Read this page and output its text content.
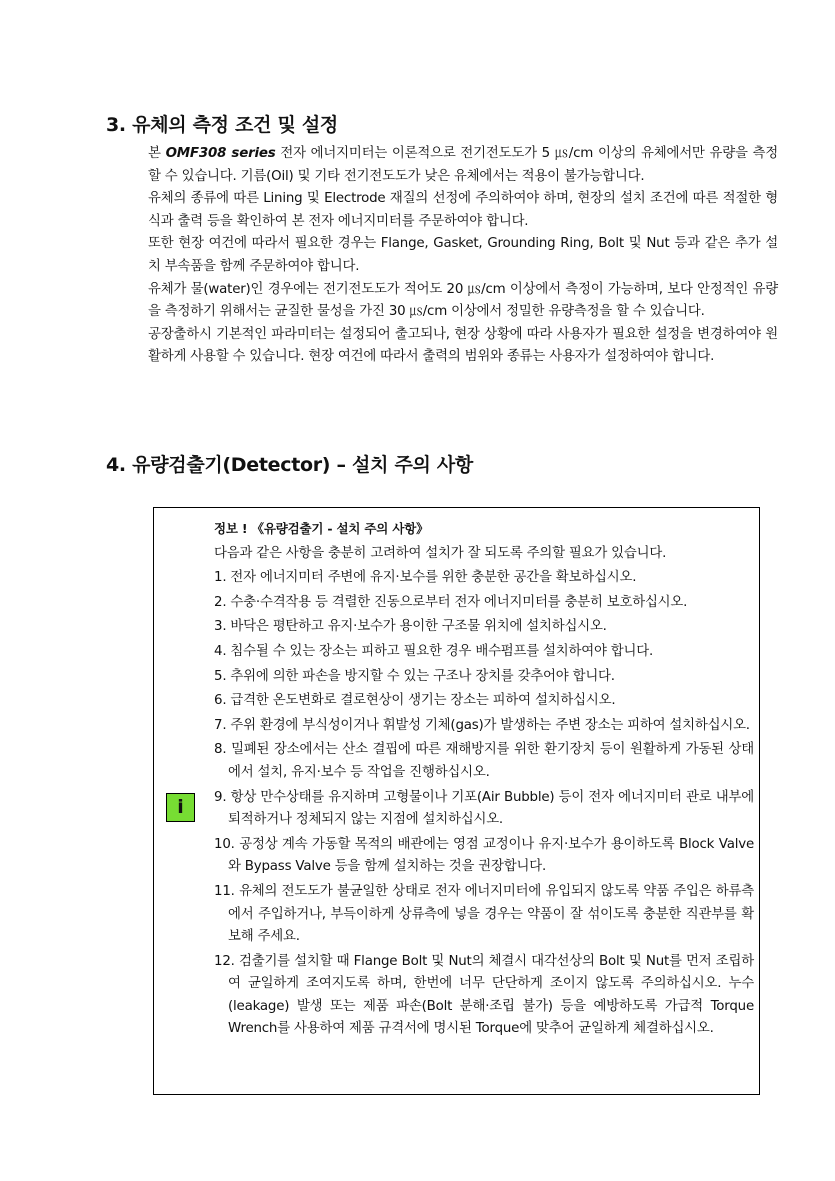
3. 유체의 측정 조건 및 설정

본 OMF308 series 전자 에너지미터는 이론적으로 전기전도도가 5 ㎲/cm 이상의 유체에서만 유량을 측정할 수 있습니다. 기름(Oil) 및 기타 전기전도도가 낮은 유체에서는 적용이 불가능합니다.

유체의 종류에 따른 Lining 및 Electrode 재질의 선정에 주의하여야 하며, 현장의 설치 조건에 따른 적절한 형식과 출력 등을 확인하여 본 전자 에너지미터를 주문하여야 합니다.

또한 현장 여건에 따라서 필요한 경우는 Flange, Gasket, Grounding Ring, Bolt 및 Nut 등과 같은 추가 설치 부속품을 함께 주문하여야 합니다.

유체가 물(water)인 경우에는 전기전도도가 적어도 20 ㎲/cm 이상에서 측정이 가능하며, 보다 안정적인 유량을 측정하기 위해서는 균질한 물성을 가진 30 ㎲/cm 이상에서 정밀한 유량측정을 할 수 있습니다.

공장출하시 기본적인 파라미터는 설정되어 출고되나, 현장 상황에 따라 사용자가 필요한 설정을 변경하여야 원활하게 사용할 수 있습니다. 현장 여건에 따라서 출력의 범위와 종류는 사용자가 설정하여야 합니다.

4. 유량검출기(Detector) – 설치 주의 사항
i
정보 ! 《유량검출기 - 설치 주의 사항》
다음과 같은 사항을 충분히 고려하여 설치가 잘 되도록 주의할 필요가 있습니다.
1. 전자 에너지미터 주변에 유지·보수를 위한 충분한 공간을 확보하십시오.
2. 수충·수격작용 등 격렬한 진동으로부터 전자 에너지미터를 충분히 보호하십시오.
3. 바닥은 평탄하고 유지·보수가 용이한 구조물 위치에 설치하십시오.
4. 침수될 수 있는 장소는 피하고 필요한 경우 배수펌프를 설치하여야 합니다.
5. 추위에 의한 파손을 방지할 수 있는 구조나 장치를 갖추어야 합니다.
6. 급격한 온도변화로 결로현상이 생기는 장소는 피하여 설치하십시오.
7. 주위 환경에 부식성이거나 휘발성 기체(gas)가 발생하는 주변 장소는 피하여 설치하십시오.
8. 밀폐된 장소에서는 산소 결핍에 따른 재해방지를 위한 환기장치 등이 원활하게 가동된 상태에서 설치, 유지·보수 등 작업을 진행하십시오.
9. 항상 만수상태를 유지하며 고형물이나 기포(Air Bubble) 등이 전자 에너지미터 관로 내부에 퇴적하거나 정체되지 않는 지점에 설치하십시오.
10. 공정상 계속 가동할 목적의 배관에는 영점 교정이나 유지·보수가 용이하도록 Block Valve와 Bypass Valve 등을 함께 설치하는 것을 권장합니다.
11. 유체의 전도도가 불균일한 상태로 전자 에너지미터에 유입되지 않도록 약품 주입은 하류측에서 주입하거나, 부득이하게 상류측에 넣을 경우는 약품이 잘 섞이도록 충분한 직관부를 확보해 주세요.
12. 검출기를 설치할 때 Flange Bolt 및 Nut의 체결시 대각선상의 Bolt 및 Nut를 먼저 조립하여 균일하게 조여지도록 하며, 한번에 너무 단단하게 조이지 않도록 주의하십시오. 누수(leakage) 발생 또는 제품 파손(Bolt 분해·조립 불가) 등을 예방하도록 가급적 Torque Wrench를 사용하여 제품 규격서에 명시된 Torque에 맞추어 균일하게 체결하십시오.
